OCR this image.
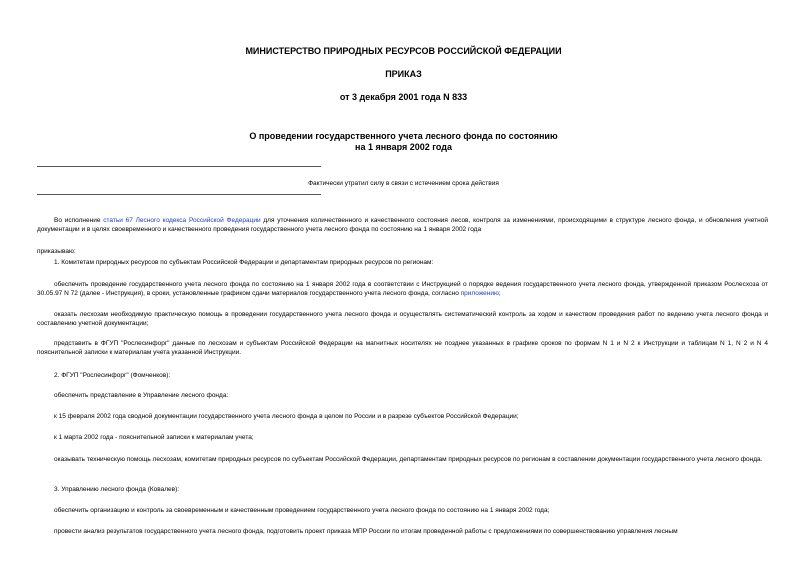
МИНИСТЕРСТВО ПРИРОДНЫХ РЕСУРСОВ РОССИЙСКОЙ ФЕДЕРАЦИИ
ПРИКАЗ
от 3 декабря 2001 года N 833
О проведении государственного учета лесного фонда по состоянию
на 1 января 2002 года
Фактически утратил силу в связи с истечением срока действия
Во исполнение статьи 67 Лесного кодекса Российской Федерации для уточнения количественного и качественного состояния лесов, контроля за изменениями, происходящими в структуре лесного фонда, и обновления учетной документации и в целях своевременного и качественного проведения государственного учета лесного фонда по состоянию на 1 января 2002 года
приказываю:
1. Комитетам природных ресурсов по субъектам Российской Федерации и департаментам природных ресурсов по регионам:
обеспечить проведение государственного учета лесного фонда по состоянию на 1 января 2002 года в соответствии с Инструкцией о порядке ведения государственного учета лесного фонда, утвержденной приказом Рослесхоза от 30.05.97 N 72 (далее - Инструкция), в сроки, установленные графиком сдачи материалов государственного учета лесного фонда, согласно приложению;
оказать лесхозам необходимую практическую помощь в проведении государственного учета лесного фонда и осуществлять систематический контроль за ходом и качеством проведения работ по ведению учета лесного фонда и составлению учетной документации;
представить в ФГУП "Рослесинфорг" данные по лесхозам и субъектам Российской Федерации на магнитных носителях не позднее указанных в графике сроков по формам N 1 и N 2 к Инструкции и таблицам N 1, N 2 и N 4 пояснительной записки к материалам учета указанной Инструкции.
2. ФГУП "Рослесинфорг" (Фомченков):
обеспечить представление в Управление лесного фонда:
к 15 февраля 2002 года сводной документации государственного учета лесного фонда в целом по России и в разрезе субъектов Российской Федерации;
к 1 марта 2002 года - пояснительной записки к материалам учета;
оказывать техническую помощь лесхозам, комитетам природных ресурсов по субъектам Российской Федерации, департаментам природных ресурсов по регионам в составлении документации государственного учета лесного фонда.
3. Управлению лесного фонда (Ковалев):
обеспечить организацию и контроль за своевременным и качественным проведением государственного учета лесного фонда по состоянию на 1 января 2002 года;
провести анализ результатов государственного учета лесного фонда, подготовить проект приказа МПР России по итогам проведенной работы с предложениями по совершенствованию управления лесным
